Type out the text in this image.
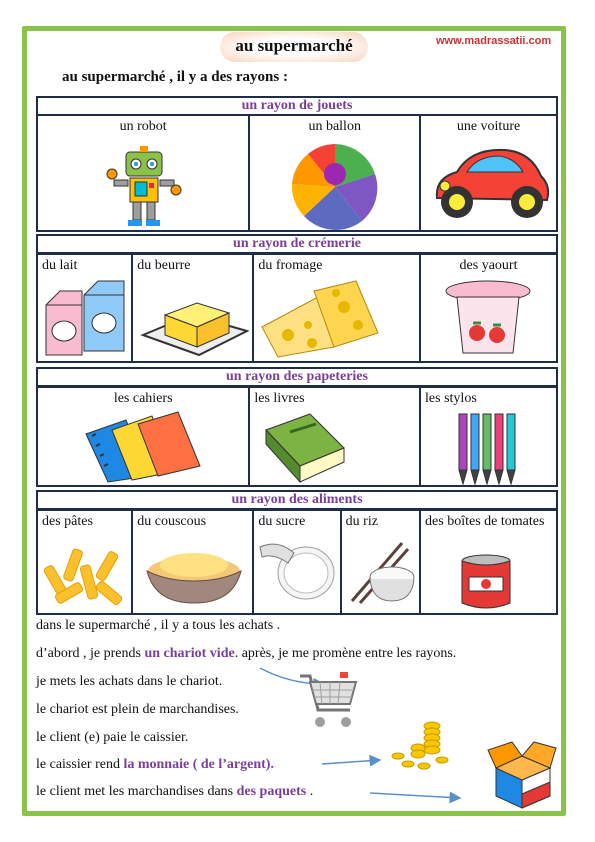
au supermarché	www.madrassatii.com
au supermarché , il y a des rayons :
un rayon de jouets
un robot	un ballon	une voiture
un rayon de crémerie
du lait	du beurre	du fromage	des yaourt
un rayon des papeteries
les cahiers	les livres	les stylos
un rayon des aliments
des pâtes	du couscous	du sucre	du riz	des boîtes de tomates
dans le supermarché , il y a tous les achats .
d’abord , je prends un chariot vide. après, je me promène entre les rayons.
je mets les achats dans le chariot.
le chariot est plein de marchandises.
le client (e) paie le caissier.
le caissier rend la monnaie ( de l’argent).
le client met les marchandises dans des paquets .
